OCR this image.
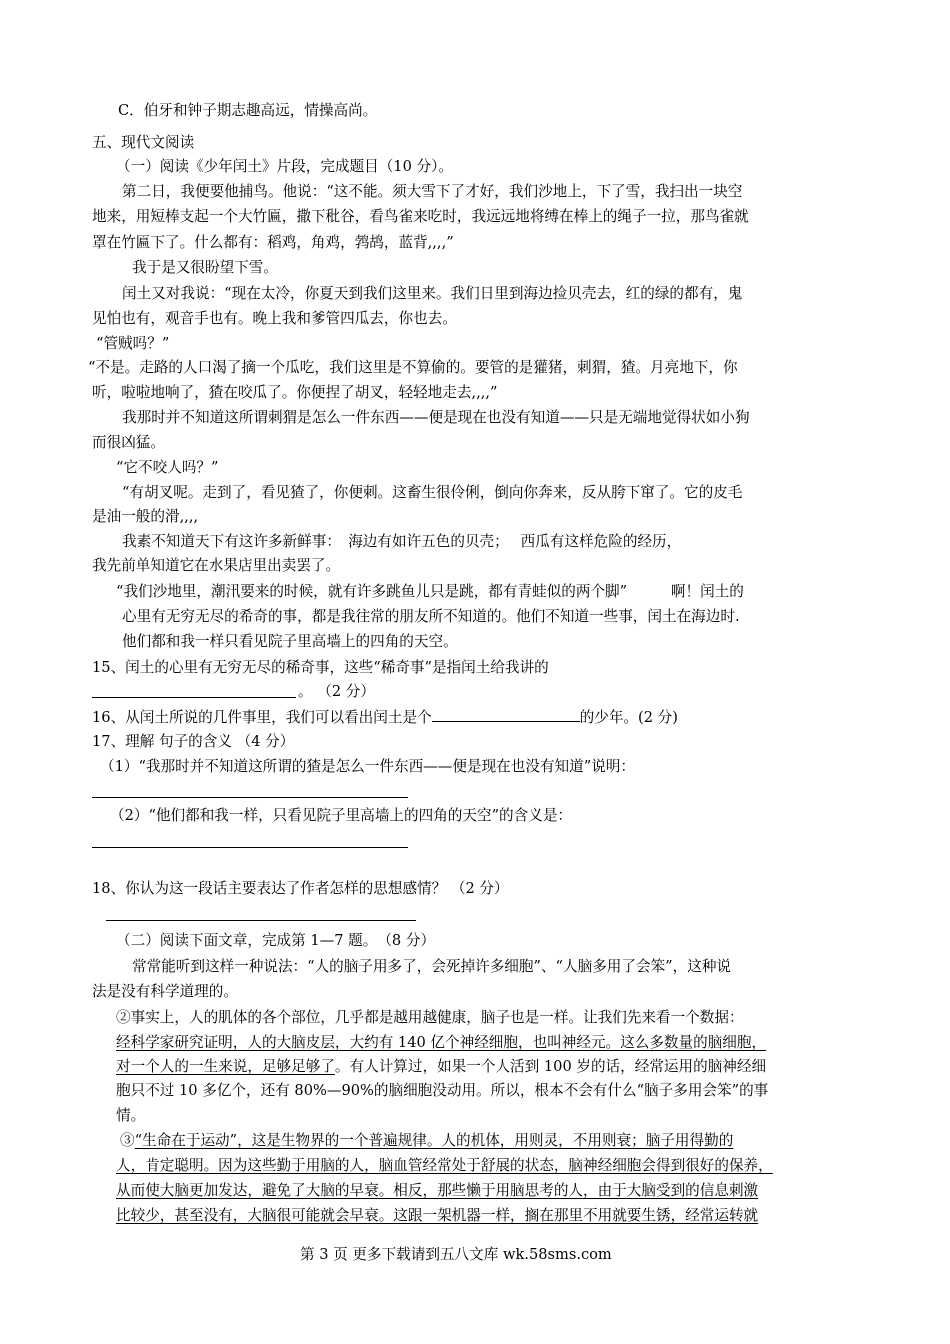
C．伯牙和钟子期志趣高远，情操高尚。
五、现代文阅读
（一）阅读《少年闰土》片段，完成题目（10 分）。
第二日，我便要他捕鸟。他说：“这不能。须大雪下了才好，我们沙地上，下了雪，我扫出一块空
地来，用短棒支起一个大竹匾，撒下秕谷，看鸟雀来吃时，我远远地将缚在棒上的绳子一拉，那鸟雀就
罩在竹匾下了。什么都有：稻鸡，角鸡，鹁鸪，蓝背,,,,”
我于是又很盼望下雪。
闰土又对我说：“现在太冷，你夏天到我们这里来。我们日里到海边捡贝壳去，红的绿的都有，鬼
见怕也有，观音手也有。晚上我和爹管四瓜去，你也去。
“管贼吗？”
“不是。走路的人口渴了摘一个瓜吃，我们这里是不算偷的。要管的是獾猪，刺猬，猹。月亮地下，你
听，啦啦地响了，猹在咬瓜了。你便捏了胡叉，轻轻地走去,,,,”
我那时并不知道这所谓刺猬是怎么一件东西——便是现在也没有知道——只是无端地觉得状如小狗
而很凶猛。
“它不咬人吗？”
“有胡叉呢。走到了，看见猹了，你便刺。这畜生很伶俐，倒向你奔来，反从胯下窜了。它的皮毛
是油一般的滑,,,,
我素不知道天下有这许多新鲜事：　海边有如许五色的贝壳；　 西瓜有这样危险的经历，
我先前单知道它在水果店里出卖罢了。
“我们沙地里，潮汛要来的时候，就有许多跳鱼儿只是跳，都有青蛙似的两个脚”　　　啊！闰土的
心里有无穷无尽的希奇的事，都是我往常的朋友所不知道的。他们不知道一些事，闰土在海边时.
他们都和我一样只看见院子里高墙上的四角的天空。
15、闰土的心里有无穷无尽的稀奇事，这些“稀奇事”是指闰土给我讲的
。 （2 分）
16、从闰土所说的几件事里，我们可以看出闰土是个	的少年。(2 分)
17、理解 句子的含义 （4 分）
（1）“我那时并不知道这所谓的猹是怎么一件东西——便是现在也没有知道”说明：
（2）“他们都和我一样，只看见院子里高墙上的四角的天空”的含义是：
18、你认为这一段话主要表达了作者怎样的思想感情？ （2 分）
（二）阅读下面文章，完成第 1—7 题。　（8 分）
常常能听到这样一种说法：“人的脑子用多了，会死掉许多细胞”、“人脑多用了会笨”，这种说
法是没有科学道理的。
②事实上，人的肌体的各个部位，几乎都是越用越健康，脑子也是一样。让我们先来看一个数据：
经科学家研究证明，人的大脑皮层，大约有 140 亿个神经细胞，也叫神经元。这么多数量的脑细胞，
对一个人的一生来说，足够足够了。有人计算过，如果一个人活到 100 岁的话，经常运用的脑神经细
胞只不过 10 多亿个，还有 80%—90%的脑细胞没动用。所以，根本不会有什么“脑子多用会笨”的事
情。
③“生命在于运动”，这是生物界的一个普遍规律。人的机体，用则灵，不用则衰；脑子用得勤的
人，肯定聪明。因为这些勤于用脑的人，脑血管经常处于舒展的状态，脑神经细胞会得到很好的保养，
从而使大脑更加发达，避免了大脑的早衰。相反，那些懒于用脑思考的人，由于大脑受到的信息刺激
比较少，甚至没有，大脑很可能就会早衰。这跟一架机器一样，搁在那里不用就要生锈，经常运转就
第 3 页 更多下载请到五八文库 wk.58sms.com
